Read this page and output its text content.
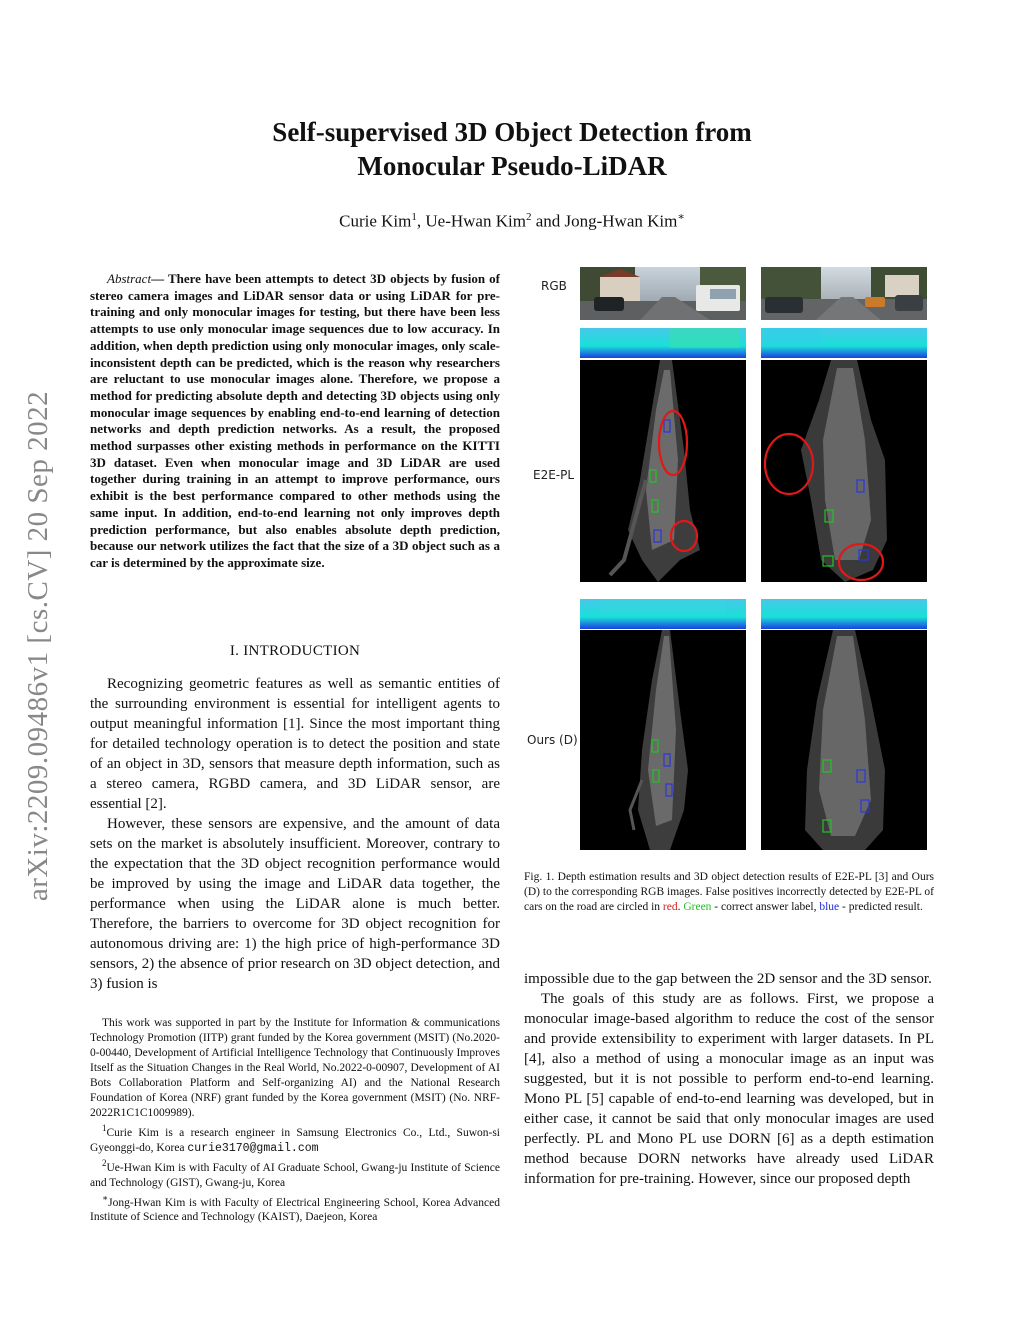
arXiv:2209.09486v1 [cs.CV] 20 Sep 2022
Self-supervised 3D Object Detection from
Monocular Pseudo-LiDAR
Curie Kim$^1$, Ue-Hwan Kim$^2$ and Jong-Hwan Kim∗
Abstract— There have been attempts to detect 3D objects by fusion of stereo camera images and LiDAR sensor data or using LiDAR for pre-training and only monocular images for testing, but there have been less attempts to use only monocular image sequences due to low accuracy. In addition, when depth prediction using only monocular images, only scale-inconsistent depth can be predicted, which is the reason why researchers are reluctant to use monocular images alone. Therefore, we propose a method for predicting absolute depth and detecting 3D objects using only monocular image sequences by enabling end-to-end learning of detection networks and depth prediction networks. As a result, the proposed method surpasses other existing methods in performance on the KITTI 3D dataset. Even when monocular image and 3D LiDAR are used together during training in an attempt to improve performance, ours exhibit is the best performance compared to other methods using the same input. In addition, end-to-end learning not only improves depth prediction performance, but also enables absolute depth prediction, because our network utilizes the fact that the size of a 3D object such as a car is determined by the approximate size.
I. INTRODUCTION

Recognizing geometric features as well as semantic entities of the surrounding environment is essential for intelligent agents to output meaningful information [1]. Since the most important thing for detailed technology operation is to detect the position and state of an object in 3D, sensors that measure depth information, such as a stereo camera, RGBD camera, and 3D LiDAR sensor, are essential [2].

However, these sensors are expensive, and the amount of data sets on the market is absolutely insufficient. Moreover, contrary to the expectation that the 3D object recognition performance would be improved by using the image and LiDAR data together, the performance when using the LiDAR alone is much better. Therefore, the barriers to overcome for 3D object recognition for autonomous driving are: 1) the high price of high-performance 3D sensors, 2) the absence of prior research on 3D object detection, and 3) fusion is

This work was supported in part by the Institute for Information & communications Technology Promotion (IITP) grant funded by the Korea government (MSIT) (No.2020-0-00440, Development of Artificial Intelligence Technology that Continuously Improves Itself as the Situation Changes in the Real World, No.2022-0-00907, Development of AI Bots Collaboration Platform and Self-organizing AI) and the National Research Foundation of Korea (NRF) grant funded by the Korea government (MSIT) (No. NRF-2022R1C1C1009989).

$^1$Curie Kim is a research engineer in Samsung Electronics Co., Ltd., Suwon-si Gyeonggi-do, Korea curie3170@gmail.com

$^2$Ue-Hwan Kim is with Faculty of AI Graduate School, Gwang-ju Institute of Science and Technology (GIST), Gwang-ju, Korea

∗Jong-Hwan Kim is with Faculty of Electrical Engineering School, Korea Advanced Institute of Science and Technology (KAIST), Daejeon, Korea

RGB
E2E-PL
Ours (D)
Fig. 1. Depth estimation results and 3D object detection results of E2E-PL [3] and Ours (D) to the corresponding RGB images. False positives incorrectly detected by E2E-PL of cars on the road are circled in red. Green - correct answer label, blue - predicted result.

impossible due to the gap between the 2D sensor and the 3D sensor.

The goals of this study are as follows. First, we propose a monocular image-based algorithm to reduce the cost of the sensor and provide extensibility to experiment with larger datasets. In PL [4], also a method of using a monocular image as an input was suggested, but it is not possible to perform end-to-end learning. Mono PL [5] capable of end-to-end learning was developed, but in either case, it cannot be said that only monocular images are used perfectly. PL and Mono PL use DORN [6] as a depth estimation method because DORN networks have already used LiDAR information for pre-training. However, since our proposed depth
